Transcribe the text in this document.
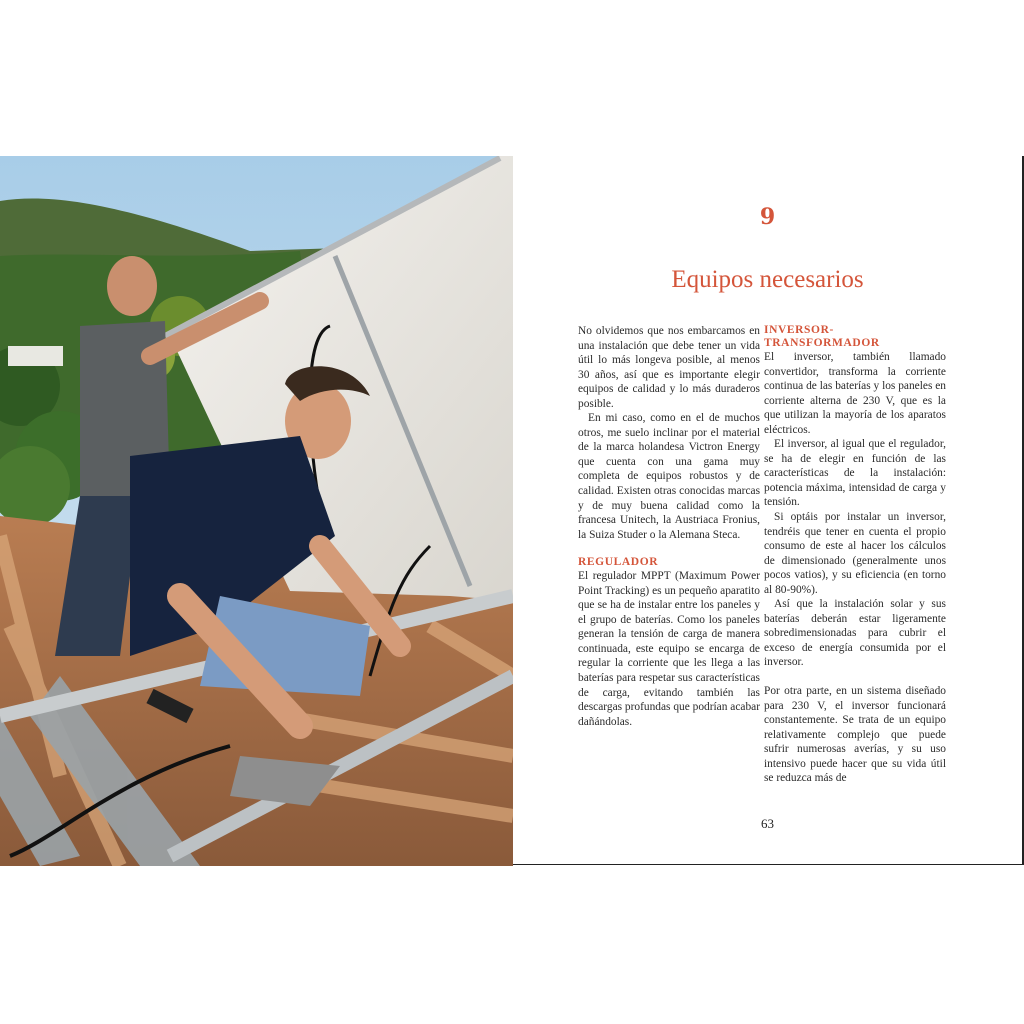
9
Equipos necesarios

No olvidemos que nos embarcamos en una instalación que debe tener un vida útil lo más longeva posible, al menos 30 años, así que es importante elegir equipos de calidad y lo más duraderos posible.

En mi caso, como en el de muchos otros, me suelo inclinar por el material de la marca holandesa Victron Energy que cuenta con una gama muy completa de equipos robustos y de calidad. Existen otras conocidas marcas y de muy buena calidad como la francesa Unitech, la Austriaca Fronius, la Suiza Studer o la Alemana Steca.

REGULADOR

El regulador MPPT (Maximum Power Point Tracking) es un pequeño aparatito que se ha de instalar entre los paneles y el grupo de baterías. Como los paneles generan la tensión de carga de manera continuada, este equipo se encarga de regular la corriente que les llega a las baterías para respetar sus características de carga, evitando también las descargas profundas que podrían acabar dañándolas.

INVERSOR-TRANSFORMADOR

El inversor, también llamado convertidor, transforma la corriente continua de las baterías y los paneles en corriente alterna de 230 V, que es la que utilizan la mayoría de los aparatos eléctricos.

El inversor, al igual que el regulador, se ha de elegir en función de las características de la instalación: potencia máxima, intensidad de carga y tensión.

Si optáis por instalar un inversor, tendréis que tener en cuenta el propio consumo de este al hacer los cálculos de dimensionado (generalmente unos pocos vatios), y su eficiencia (en torno al 80-90%).

Así que la instalación solar y sus baterías deberán estar ligeramente sobredimensionadas para cubrir el exceso de energía consumida por el inversor.

Por otra parte, en un sistema diseñado para 230 V, el inversor funcionará constantemente. Se trata de un equipo relativamente complejo que puede sufrir numerosas averías, y su uso intensivo puede hacer que su vida útil se reduzca más de

63
